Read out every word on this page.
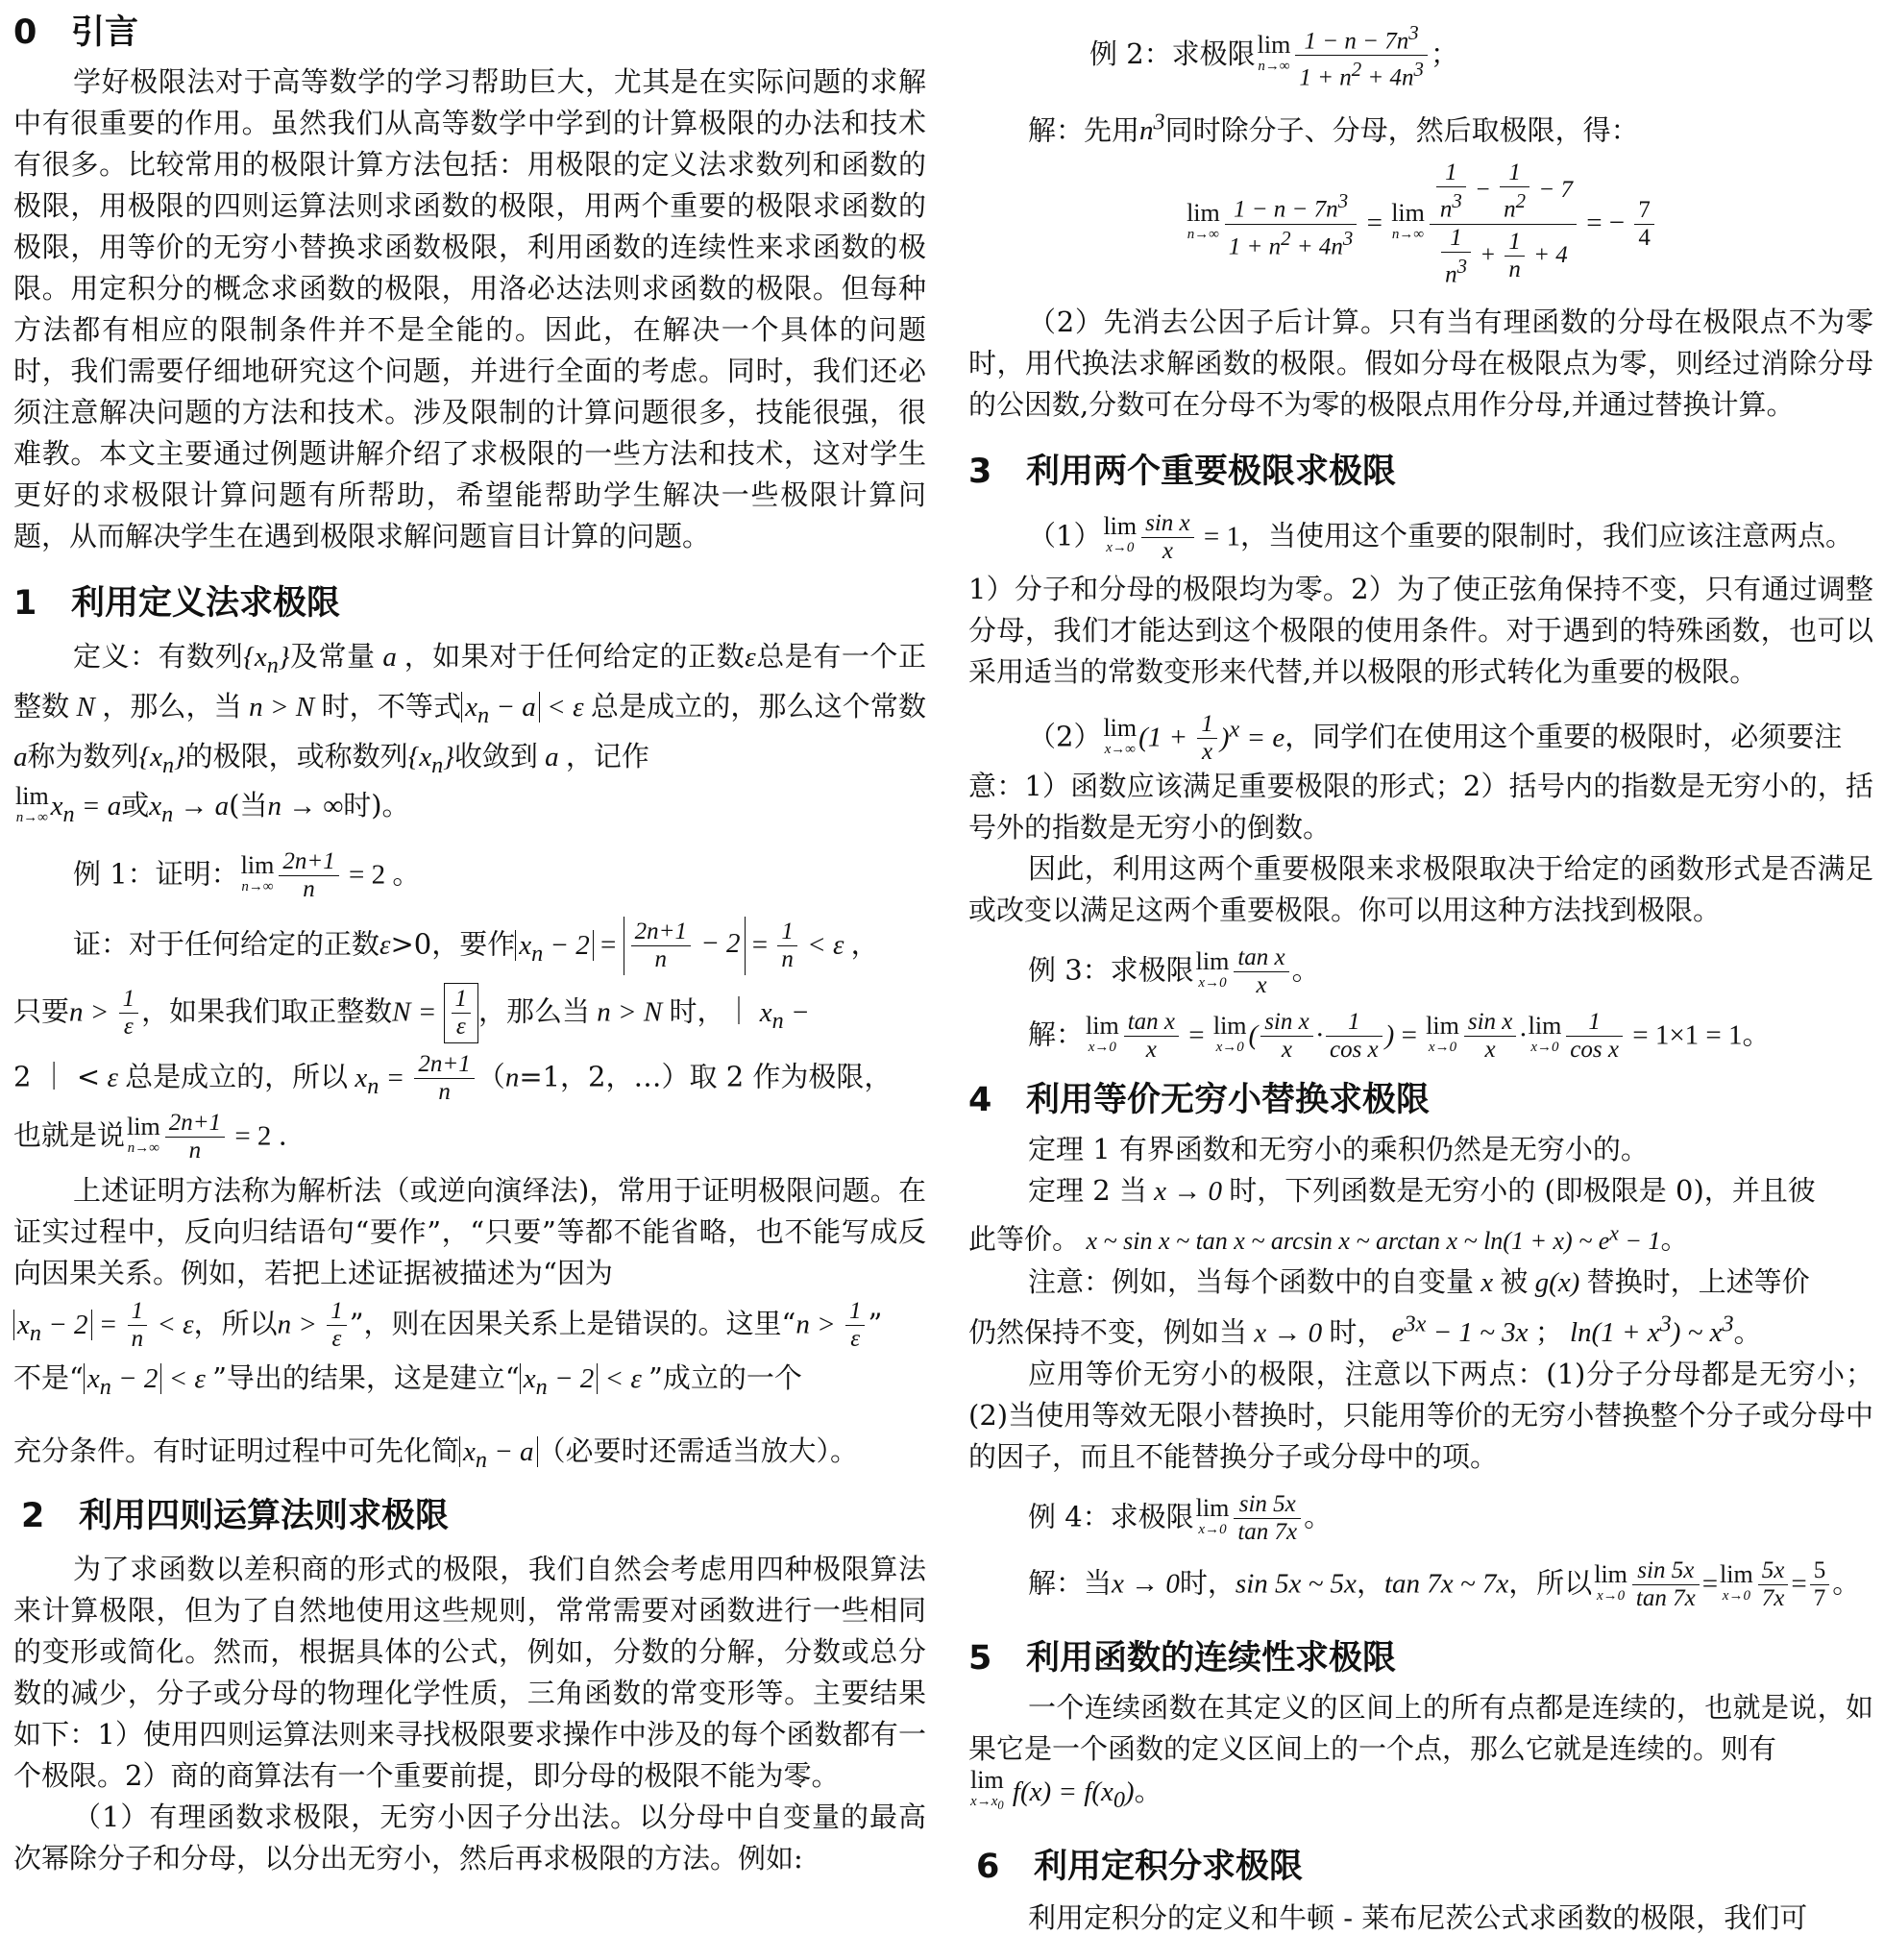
0 引言

学好极限法对于高等数学的学习帮助巨大，尤其是在实际问题的求解中有很重要的作用。虽然我们从高等数学中学到的计算极限的办法和技术有很多。比较常用的极限计算方法包括：用极限的定义法求数列和函数的极限，用极限的四则运算法则求函数的极限，用两个重要的极限求函数的极限，用等价的无穷小替换求函数极限，利用函数的连续性来求函数的极限。用定积分的概念求函数的极限，用洛必达法则求函数的极限。但每种方法都有相应的限制条件并不是全能的。因此，在解决一个具体的问题时，我们需要仔细地研究这个问题，并进行全面的考虑。同时，我们还必须注意解决问题的方法和技术。涉及限制的计算问题很多，技能很强，很难教。本文主要通过例题讲解介绍了求极限的一些方法和技术，这对学生更好的求极限计算问题有所帮助，希望能帮助学生解决一些极限计算问题，从而解决学生在遇到极限求解问题盲目计算的问题。

1 利用定义法求极限

定义：有数列$\{x_n\}$及常量 a ，如果对于任何给定的正数ε总是有一个正整数 N ，那么，当 n > N 时，不等式 $x_n - a < \varepsilon$ 总是成立的，那么这个常数a称为数列$\{x_n\}$的极限，或称数列$\{x_n\}$收敛到 a ，记作

lim
n→∞ $x_n = a$或$x_n \to a$(当n → ∞时)。
例 1：证明： lim
$n\to\infty \frac{2n+1}{n} = 2$ 。
证：对于任何给定的正数ε>0，要作 $x_n - 2 = \frac{2n+1}{n} - 2 = \frac{1}{n} < \varepsilon$ ，
只要$n > \frac{1}{\varepsilon}$ ，如果我们取正整数$N = \frac{1}{\varepsilon}$ ，那么当 n > N 时，｜ $x_n$ −
2 ｜ < ε 总是成立的，所以 $x_n = \frac{2n+1}{n} (n=1$，2，…）取 2 作为极限，
也就是说 lim
$n\to\infty \frac{2n+1}{n} = 2$ .

上述证明方法称为解析法（或逆向演绎法)，常用于证明极限问题。在证实过程中，反向归结语句“要作”，“只要”等都不能省略，也不能写成反向因果关系。例如，若把上述证据被描述为“因为

$x_n - 2 = \frac{1}{n} < \varepsilon$，所以$n > \frac{1}{\varepsilon}$ ”，则在因果关系上是错误的。这里“$n > \frac{1}{\varepsilon}$ ”
不是“ $x_n - 2 < \varepsilon$ ”导出的结果，这是建立“ $x_n - 2 < \varepsilon$ ”成立的一个
充分条件。有时证明过程中可先化简 $x_n - a$ （必要时还需适当放大）。
2 利用四则运算法则求极限

为了求函数以差积商的形式的极限，我们自然会考虑用四种极限算法来计算极限，但为了自然地使用这些规则，常常需要对函数进行一些相同的变形或简化。然而，根据具体的公式，例如，分数的分解，分数或总分数的减少，分子或分母的物理化学性质，三角函数的常变形等。主要结果如下：1）使用四则运算法则来寻找极限要求操作中涉及的每个函数都有一个极限。2）商的商算法有一个重要前提，即分母的极限不能为零。

（1）有理函数求极限，无穷小因子分出法。以分母中自变量的最高次幂除分子和分母，以分出无穷小，然后再求极限的方法。例如:

例 2：求极限 lim
$n\to\infty \frac{1 - n - 7n^3}{1 + n^2 + 4n^3}$ ；
解：先用$n^3$同时除分子、分母，然后取极限，得：
lim
$n\to\infty \frac{1 - n - 7n^3}{1 + n^2 + 4n^3} = \lim$
$n\to\infty \frac{\frac{1}{n^3} - \frac{1}{n^2} - 7}{\frac{1}{n^3} + \frac{1}{n} + 4}$ = − $\frac{7}{4}$

（2）先消去公因子后计算。只有当有理函数的分母在极限点不为零时，用代换法求解函数的极限。假如分母在极限点为零，则经过消除分母的公因数,分数可在分母不为零的极限点用作分母,并通过替换计算。

3 利用两个重要极限求极限
（1） lim
$x\to 0 \frac{\text{sin x}}{x} = 1$，当使用这个重要的限制时，我们应该注意两点。

1）分子和分母的极限均为零。2）为了使正弦角保持不变，只有通过调整分母，我们才能达到这个极限的使用条件。对于遇到的特殊函数，也可以采用适当的常数变形来代替,并以极限的形式转化为重要的极限。

（2） lim
x→∞ $(1 + \frac{1}{x} )^x = e$，同学们在使用这个重要的极限时，必须要注

意：1）函数应该满足重要极限的形式；2）括号内的指数是无穷小的，括号外的指数是无穷小的倒数。

因此，利用这两个重要极限来求极限取决于给定的函数形式是否满足或改变以满足这两个重要极限。你可以用这种方法找到极限。

例 3：求极限 lim
$x\to 0 \frac{\text{tan x}}{x}$ 。
解： lim
$x\to 0 \frac{\text{tan x}}{x} = \lim$
x→0 ( $\frac{\text{sin x}}{x} \cdot \frac{1}{\text{cos x}}$ ) = lim
$x\to 0 \frac{\text{sin x}}{x} \cdot \lim$
$x\to 0 \frac{1}{\text{cos x}} = 1\times 1 = 1$。
4 利用等价无穷小替换求极限

定理 1 有界函数和无穷小的乘积仍然是无穷小的。

定理 2 当 x → 0 时，下列函数是无穷小的 (即极限是 0)，并且彼
此等价。 x ~ sin x ~ tan x ~ arcsin x ~ arctan x ~ ln(1 + x) ~ $e^x - 1$。
注意：例如，当每个函数中的自变量 x 被 g(x) 替换时，上述等价
仍然保持不变，例如当 x → 0 时， $e^{3x} - 1$ ~ 3x ； $\ln(1 + x^3)$ ~ $x^3$。

应用等价无穷小的极限，注意以下两点：(1)分子分母都是无穷小；(2)当使用等效无限小替换时，只能用等价的无穷小替换整个分子或分母中的因子，而且不能替换分子或分母中的项。

例 4：求极限 lim
$x\to 0 \frac{\sin 5x}{\tan 7x}$ 。
解：当x → 0时，sin 5x ~ 5x，tan 7x ~ 7x，所以 lim
$x\to 0 \frac{\sin 5x}{\tan 7x} = \lim$
$x\to 0 \frac{5x}{7x} = \frac{5}{7}$ 。
5 利用函数的连续性求极限

一个连续函数在其定义的区间上的所有点都是连续的，也就是说，如果它是一个函数的定义区间上的一个点，那么它就是连续的。则有

lim
$x\to x_0$ $f(x) = f(x_0)$。
6 利用定积分求极限

利用定积分的定义和牛顿 - 莱布尼茨公式求函数的极限，我们可
